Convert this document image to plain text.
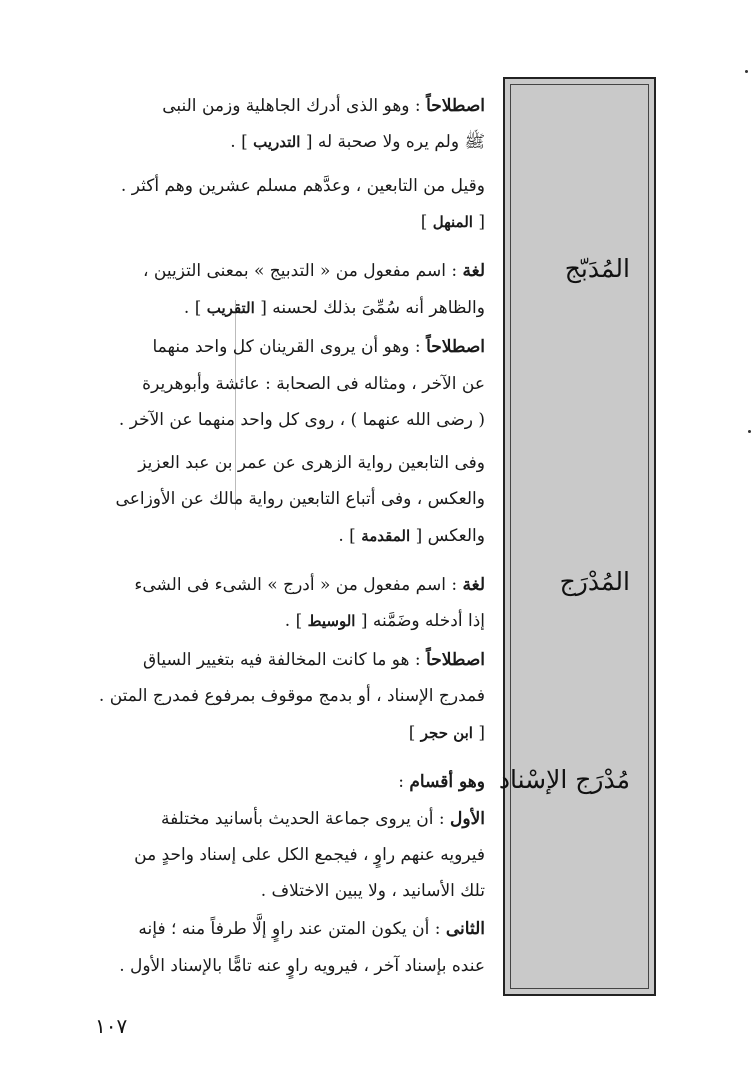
المُدَبّج
المُدْرَج
مُدْرَج الإسْناد
اصطلاحاً : وهو الذى أدرك الجاهلية وزمن النبى
ﷺ ولم يره ولا صحبة له [ التدريب ] .
وقيل من التابعين ، وعدَّهم مسلم عشرين وهم أكثر .
[ المنهل ]
لغة : اسم مفعول من « التدبيج » بمعنى التزيين ،
والظاهر أنه سُمِّىَ بذلك لحسنه [ التقريب ] .
اصطلاحاً : وهو أن يروى القرينان كل واحد منهما
عن الآخر ، ومثاله فى الصحابة : عائشة وأبوهريرة
( رضى الله عنهما ) ، روى كل واحد منهما عن الآخر .
وفى التابعين رواية الزهرى عن عمر بن عبد العزيز
والعكس ، وفى أتباع التابعين رواية مالك عن الأوزاعى
والعكس [ المقدمة ] .
لغة : اسم مفعول من « أدرج » الشىء فى الشىء
إذا أدخله وضَمَّنه [ الوسيط ] .
اصطلاحاً : هو ما كانت المخالفة فيه بتغيير السياق
فمدرج الإسناد ، أو بدمج موقوف بمرفوع فمدرج المتن .
[ ابن حجر ]
وهو أقسام :
الأول : أن يروى جماعة الحديث بأسانيد مختلفة
فيرويه عنهم راوٍ ، فيجمع الكل على إسناد واحدٍ من
تلك الأسانيد ، ولا يبين الاختلاف .
الثانى : أن يكون المتن عند راوٍ إلَّا طرفاً منه ؛ فإنه
عنده بإسناد آخر ، فيرويه راوٍ عنه تامًّا بالإسناد الأول .
١٠٧
